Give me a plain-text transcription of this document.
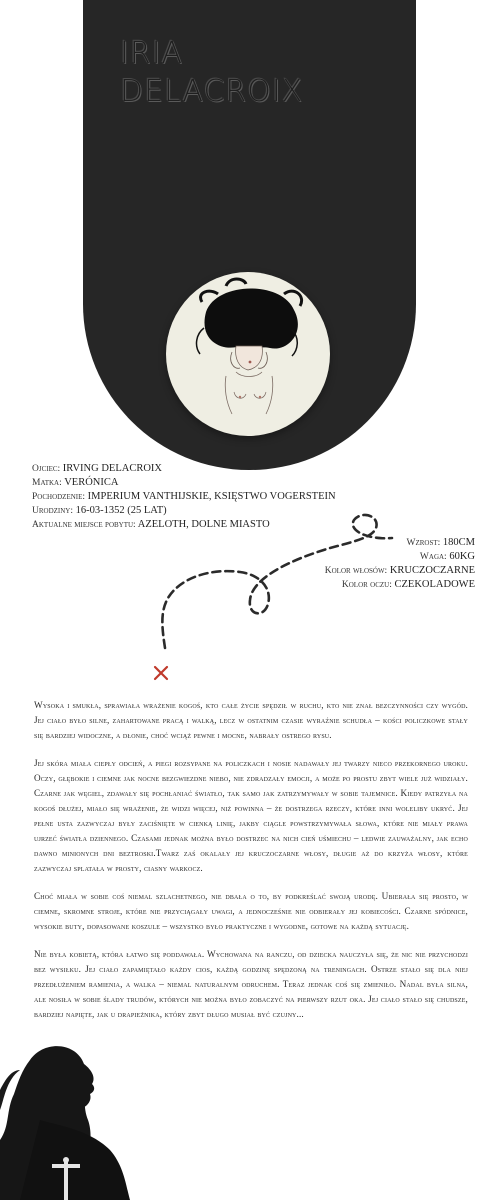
IRIA
DELACROIX
Ojciec: IRVING DELACROIX
Matka: VERÓNICA
Pochodzenie: IMPERIUM VANTHIJSKIE, KSIĘSTWO VOGERSTEIN
Urodziny: 16-03-1352 (25 LAT)
Aktualne miejsce pobytu: AZELOTH, DOLNE MIASTO
Wzrost: 180CM
Waga: 60KG
Kolor włosów: KRUCZOCZARNE
Kolor oczu: CZEKOLADOWE

Wysoka i smukła, sprawiała wrażenie kogoś, kto całe życie spędził w ruchu, kto nie znał bezczynności czy wygód. Jej ciało było silne, zahartowane pracą i walką, lecz w ostatnim czasie wyraźnie schudła – kości policzkowe stały się bardziej widoczne, a dłonie, choć wciąż pewne i mocne, nabrały ostrego rysu.

Jej skóra miała ciepły odcień, a piegi rozsypane na policzkach i nosie nadawały jej twarzy nieco przekornego uroku. Oczy, głębokie i ciemne jak nocne bezgwiezdne niebo, nie zdradzały emocji, a może po prostu zbyt wiele już widziały. Czarne jak węgiel, zdawały się pochłaniać światło, tak samo jak zatrzymywały w sobie tajemnice. Kiedy patrzyła na kogoś dłużej, miało się wrażenie, że widzi więcej, niż powinna – że dostrzega rzeczy, które inni woleliby ukryć. Jej pełne usta zazwyczaj były zaciśnięte w cienką linię, jakby ciągle powstrzymywała słowa, które nie miały prawa ujrzeć światła dziennego. Czasami jednak można było dostrzec na nich cień uśmiechu – ledwie zauważalny, jak echo dawno minionych dni beztroski.Twarz zaś okalały jej kruczoczarne włosy, długie aż do krzyża włosy, które zazwyczaj splatała w prosty, ciasny warkocz.

Choć miała w sobie coś niemal szlachetnego, nie dbała o to, by podkreślać swoją urodę. Ubierała się prosto, w ciemne, skromne stroje, które nie przyciągały uwagi, a jednocześnie nie odbierały jej kobiecości. Czarne spódnice, wysokie buty, dopasowane koszule – wszystko było praktyczne i wygodne, gotowe na każdą sytuację.

Nie była kobietą, która łatwo się poddawała. Wychowana na ranczu, od dziecka nauczyła się, że nic nie przychodzi bez wysiłku. Jej ciało zapamiętało każdy cios, każdą godzinę spędzoną na treningach. Ostrze stało się dla niej przedłużeniem ramienia, a walka – niemal naturalnym odruchem. Teraz jednak coś się zmieniło. Nadal była silna, ale nosiła w sobie ślady trudów, których nie można było zobaczyć na pierwszy rzut oka. Jej ciało stało się chudsze, bardziej napięte, jak u drapieżnika, który zbyt długo musiał być czujny...
